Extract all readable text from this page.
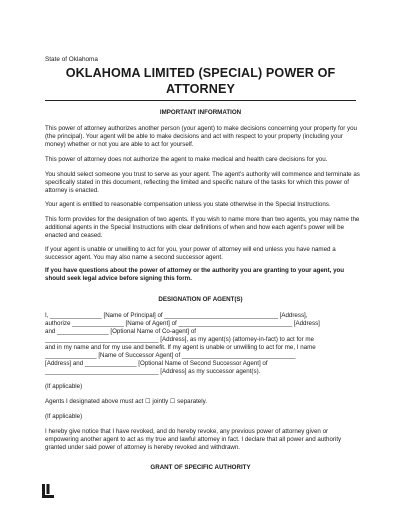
State of Oklahoma
OKLAHOMA LIMITED (SPECIAL) POWER OF ATTORNEY
IMPORTANT INFORMATION
This power of attorney authorizes another person (your agent) to make decisions concerning your property for you (the principal). Your agent will be able to make decisions and act with respect to your property (including your money) whether or not you are able to act for yourself.
This power of attorney does not authorize the agent to make medical and health care decisions for you.
You should select someone you trust to serve as your agent. The agent's authority will commence and terminate as specifically stated in this document, reflecting the limited and specific nature of the tasks for which this power of attorney is enacted.
Your agent is entitled to reasonable compensation unless you state otherwise in the Special Instructions.
This form provides for the designation of two agents. If you wish to name more than two agents, you may name the additional agents in the Special Instructions with clear definitions of when and how each agent's power will be enacted and ceased.
If your agent is unable or unwilling to act for you, your power of attorney will end unless you have named a successor agent. You may also name a second successor agent.
If you have questions about the power of attorney or the authority you are granting to your agent, you should seek legal advice before signing this form.
DESIGNATION OF AGENT(S)
I, _______________ [Name of Principal] of _________________________________ [Address],
authorize _______________ [Name of Agent] of _________________________________ [Address]
and _______________ [Optional Name of Co-agent] of
_________________________________ [Address], as my agent(s) (attorney-in-fact) to act for me
and in my name and for my use and benefit. If my agent is unable or unwilling to act for me, I name
_______________ [Name of Successor Agent] of _________________________________
[Address] and _______________ [Optional Name of Second Successor Agent] of
_________________________________ [Address] as my successor agent(s).
(If applicable)
Agents I designated above must act ☐ jointly ☐ separately.
(If applicable)
I hereby give notice that I have revoked, and do hereby revoke, any previous power of attorney given or empowering another agent to act as my true and lawful attorney in fact. I declare that all power and authority granted under said power of attorney is hereby revoked and withdrawn.
GRANT OF SPECIFIC AUTHORITY
